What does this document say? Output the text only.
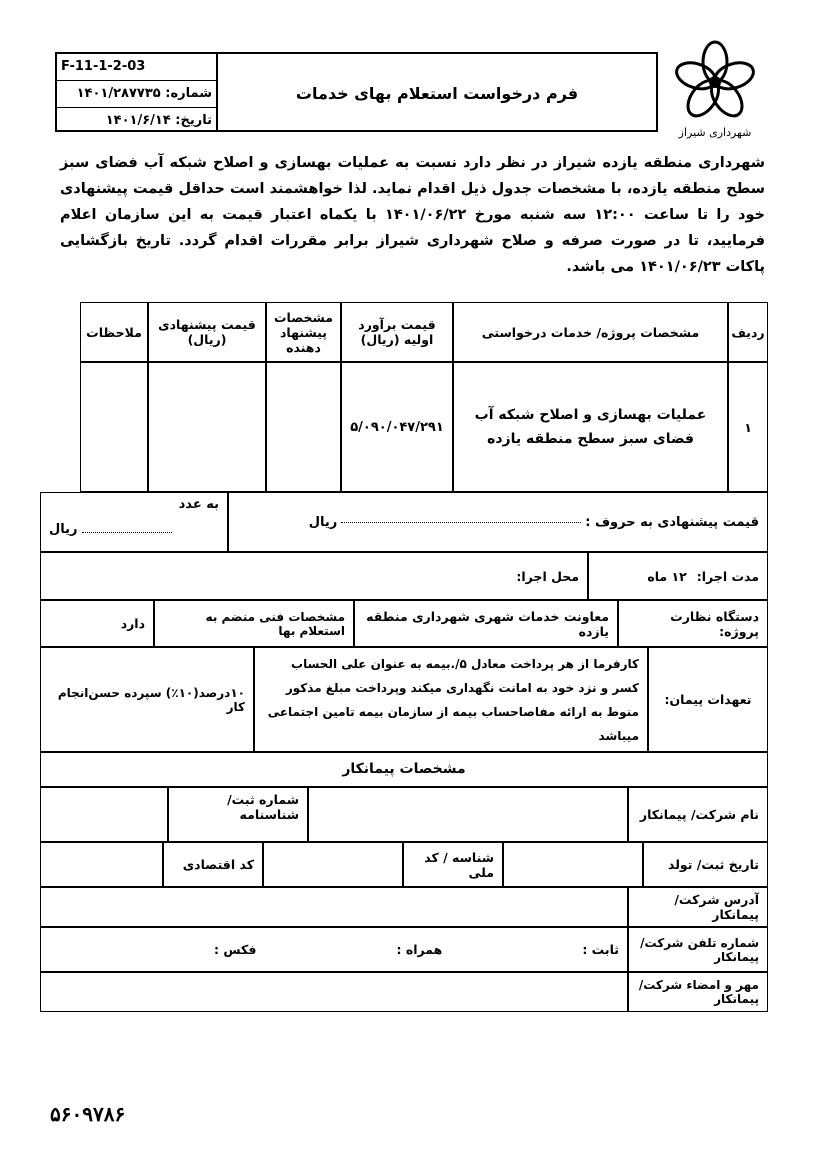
F-11-1-2-03
شماره: ۱۴۰۱/۲۸۷۷۳۵
تاریخ: ۱۴۰۱/۶/۱۴
فرم درخواست استعلام بهای خدمات
شهرداری شیراز
شهرداری منطقه یازده شیراز در نظر دارد نسبت به عملیات بهسازی و اصلاح شبکه آب فضای سبز سطح منطقه یازده، با مشخصات جدول ذیل اقدام نماید. لذا خواهشمند است حداقل قیمت پیشنهادی خود را تا ساعت ۱۲:۰۰ سه شنبه مورخ ۱۴۰۱/۰۶/۲۲ با یکماه اعتبار قیمت به این سازمان اعلام فرمایید، تا در صورت صرفه و صلاح شهرداری شیراز برابر مقررات اقدام گردد. تاریخ بازگشایی پاکات ۱۴۰۱/۰۶/۲۳ می باشد.
ردیف
مشخصات پروژه/ خدمات درخواستی
قیمت برآورد اولیه (ریال)
مشخصات پیشنهاد دهنده
قیمت پیشنهادی (ریال)
ملاحظات
۱
عملیات بهسازی و اصلاح شبکه آب فضای سبز سطح منطقه یازده
۵/۰۹۰/۰۴۷/۲۹۱
قیمت پیشنهادی به حروف :
ریال
به عدد
ریال
مدت اجرا:
۱۲ ماه
محل اجرا:
دستگاه نظارت پروژه:
معاونت خدمات شهری شهرداری منطقه یازده
مشخصات فنی منضم به استعلام بها
دارد
تعهدات پیمان:
کارفرما از هر پرداخت معادل ۵/.بیمه به عنوان علی الحساب کسر و نزد خود به امانت نگهداری میکند وپرداخت مبلغ مذکور منوط به ارائه مفاصاحساب بیمه از سازمان بیمه تامین اجتماعی میباشد
۱۰درصد(۱۰٪) سپرده حسن‌انجام کار
مشخصات پیمانکار
نام شرکت/ پیمانکار
شماره ثبت/ شناسنامه
تاریخ ثبت/ تولد
شناسه / کد ملی
کد اقتصادی
آدرس شرکت/ پیمانکار
شماره تلفن شرکت/ پیمانکار
ثابت :
همراه :
فکس :
مهر و امضاء شرکت/ پیمانکار
۵۶۰۹۷۸۶
